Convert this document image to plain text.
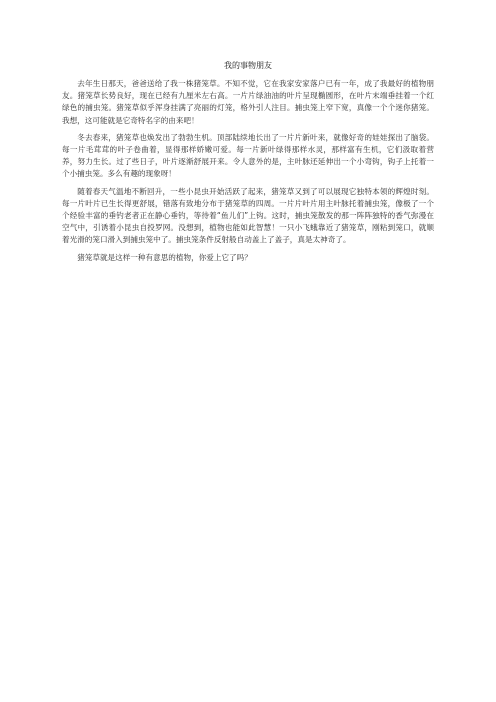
我的事物朋友

去年生日那天，爸爸送给了我一株猪笼草。不知不觉，它在我家安家落户已有一年，成了我最好的植物朋友。猪笼草长势良好，现在已经有九厘米左右高。一片片绿油油的叶片呈现椭圆形，在叶片末端垂挂着一个红绿色的捕虫笼。猪笼草似乎浑身挂满了亮丽的灯笼，格外引人注目。捕虫笼上窄下宽，真像一个个迷你猪笼。我想，这可能就是它奇特名字的由来吧！

冬去春来，猪笼草也焕发出了勃勃生机。顶部陆续地长出了一片片新叶来，就像好奇的娃娃探出了脑袋。每一片毛茸茸的叶子卷曲着，显得那样娇嫩可爱。每一片新叶绿得那样水灵，那样富有生机，它们汲取着营养，努力生长。过了些日子，叶片逐渐舒展开来。令人意外的是，主叶脉还延伸出一个小弯钩，钩子上托着一个小捕虫笼。多么有趣的现象呀！

随着春天气温地不断回升，一些小昆虫开始活跃了起来，猪笼草又到了可以展现它独特本领的辉煌时刻。每一片叶片已生长得更舒展，错落有致地分布于猪笼草的四周。一片片叶片用主叶脉托着捕虫笼，像极了一个个经验丰富的垂钓老者正在静心垂钓，等待着“鱼儿们”上钩。这时，捕虫笼散发的那一阵阵独特的香气弥漫在空气中，引诱着小昆虫自投罗网。没想到，植物也能如此智慧！一只小飞蛾靠近了猪笼草，刚粘到笼口，就顺着光滑的笼口滑入到捕虫笼中了。捕虫笼条件反射般自动盖上了盖子，真是太神奇了。

猪笼草就是这样一种有意思的植物，你爱上它了吗？
